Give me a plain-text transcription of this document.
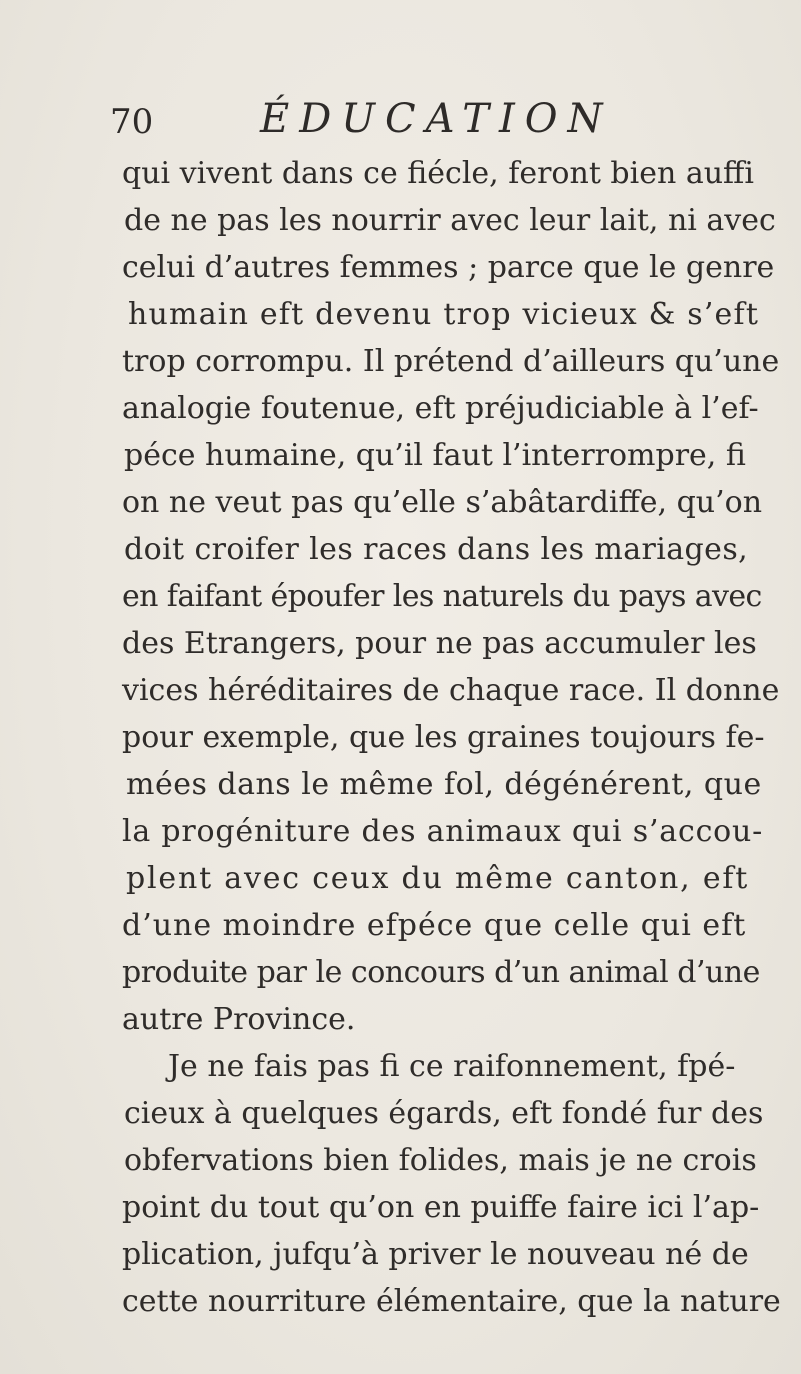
70	ÉDUCATION
qui vivent dans ce fiécle, feront bien auffi
de ne pas les nourrir avec leur lait, ni avec
celui d’autres femmes ; parce que le genre
humain eft devenu trop vicieux & s’eft
trop corrompu. Il prétend d’ailleurs qu’une
analogie foutenue, eft préjudiciable à l’ef-
péce humaine, qu’il faut l’interrompre, fi
on ne veut pas qu’elle s’abâtardiffe, qu’on
doit croifer les races dans les mariages,
en faifant époufer les naturels du pays avec
des Etrangers, pour ne pas accumuler les
vices héréditaires de chaque race. Il donne
pour exemple, que les graines toujours fe-
mées dans le même fol, dégénérent, que
la progéniture des animaux qui s’accou-
plent avec ceux du même canton, eft
d’une moindre efpéce que celle qui eft
produite par le concours d’un animal d’une
autre Province.
Je ne fais pas fi ce raifonnement, fpé-
cieux à quelques égards, eft fondé fur des
obfervations bien folides, mais je ne crois
point du tout qu’on en puiffe faire ici l’ap-
plication, jufqu’à priver le nouveau né de
cette nourriture élémentaire, que la nature
